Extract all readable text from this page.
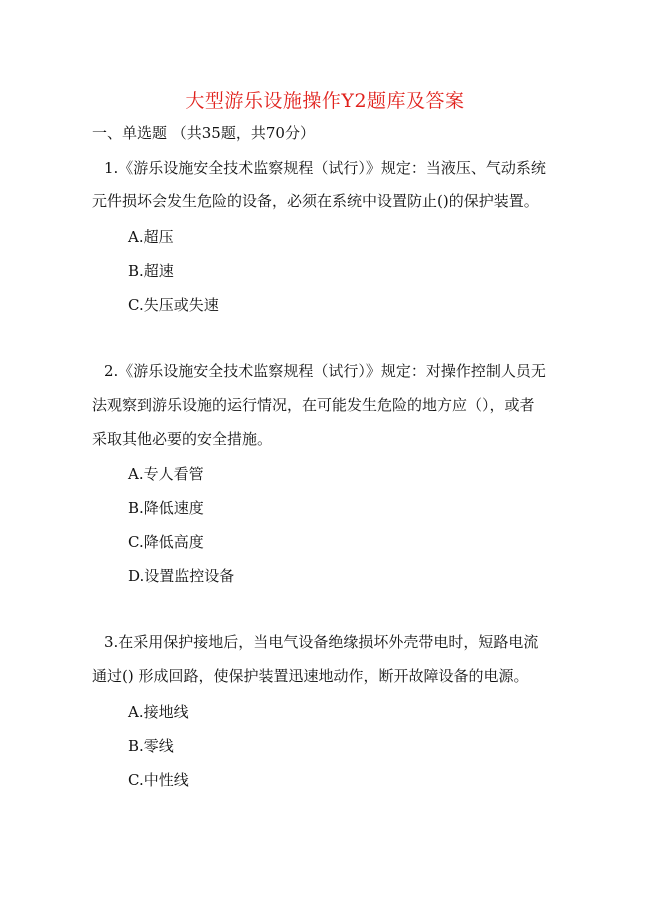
大型游乐设施操作Y2题库及答案
一、单选题 （共35题，共70分）
1.《游乐设施安全技术监察规程（试行）》规定：当液压、气动系统
元件损坏会发生危险的设备，必须在系统中设置防止()的保护装置。
A.超压
B.超速
C.失压或失速
2.《游乐设施安全技术监察规程（试行）》规定：对操作控制人员无
法观察到游乐设施的运行情况，在可能发生危险的地方应（），或者
采取其他必要的安全措施。
A.专人看管
B.降低速度
C.降低高度
D.设置监控设备
3.在采用保护接地后，当电气设备绝缘损坏外壳带电时，短路电流
通过() 形成回路，使保护装置迅速地动作，断开故障设备的电源。
A.接地线
B.零线
C.中性线
